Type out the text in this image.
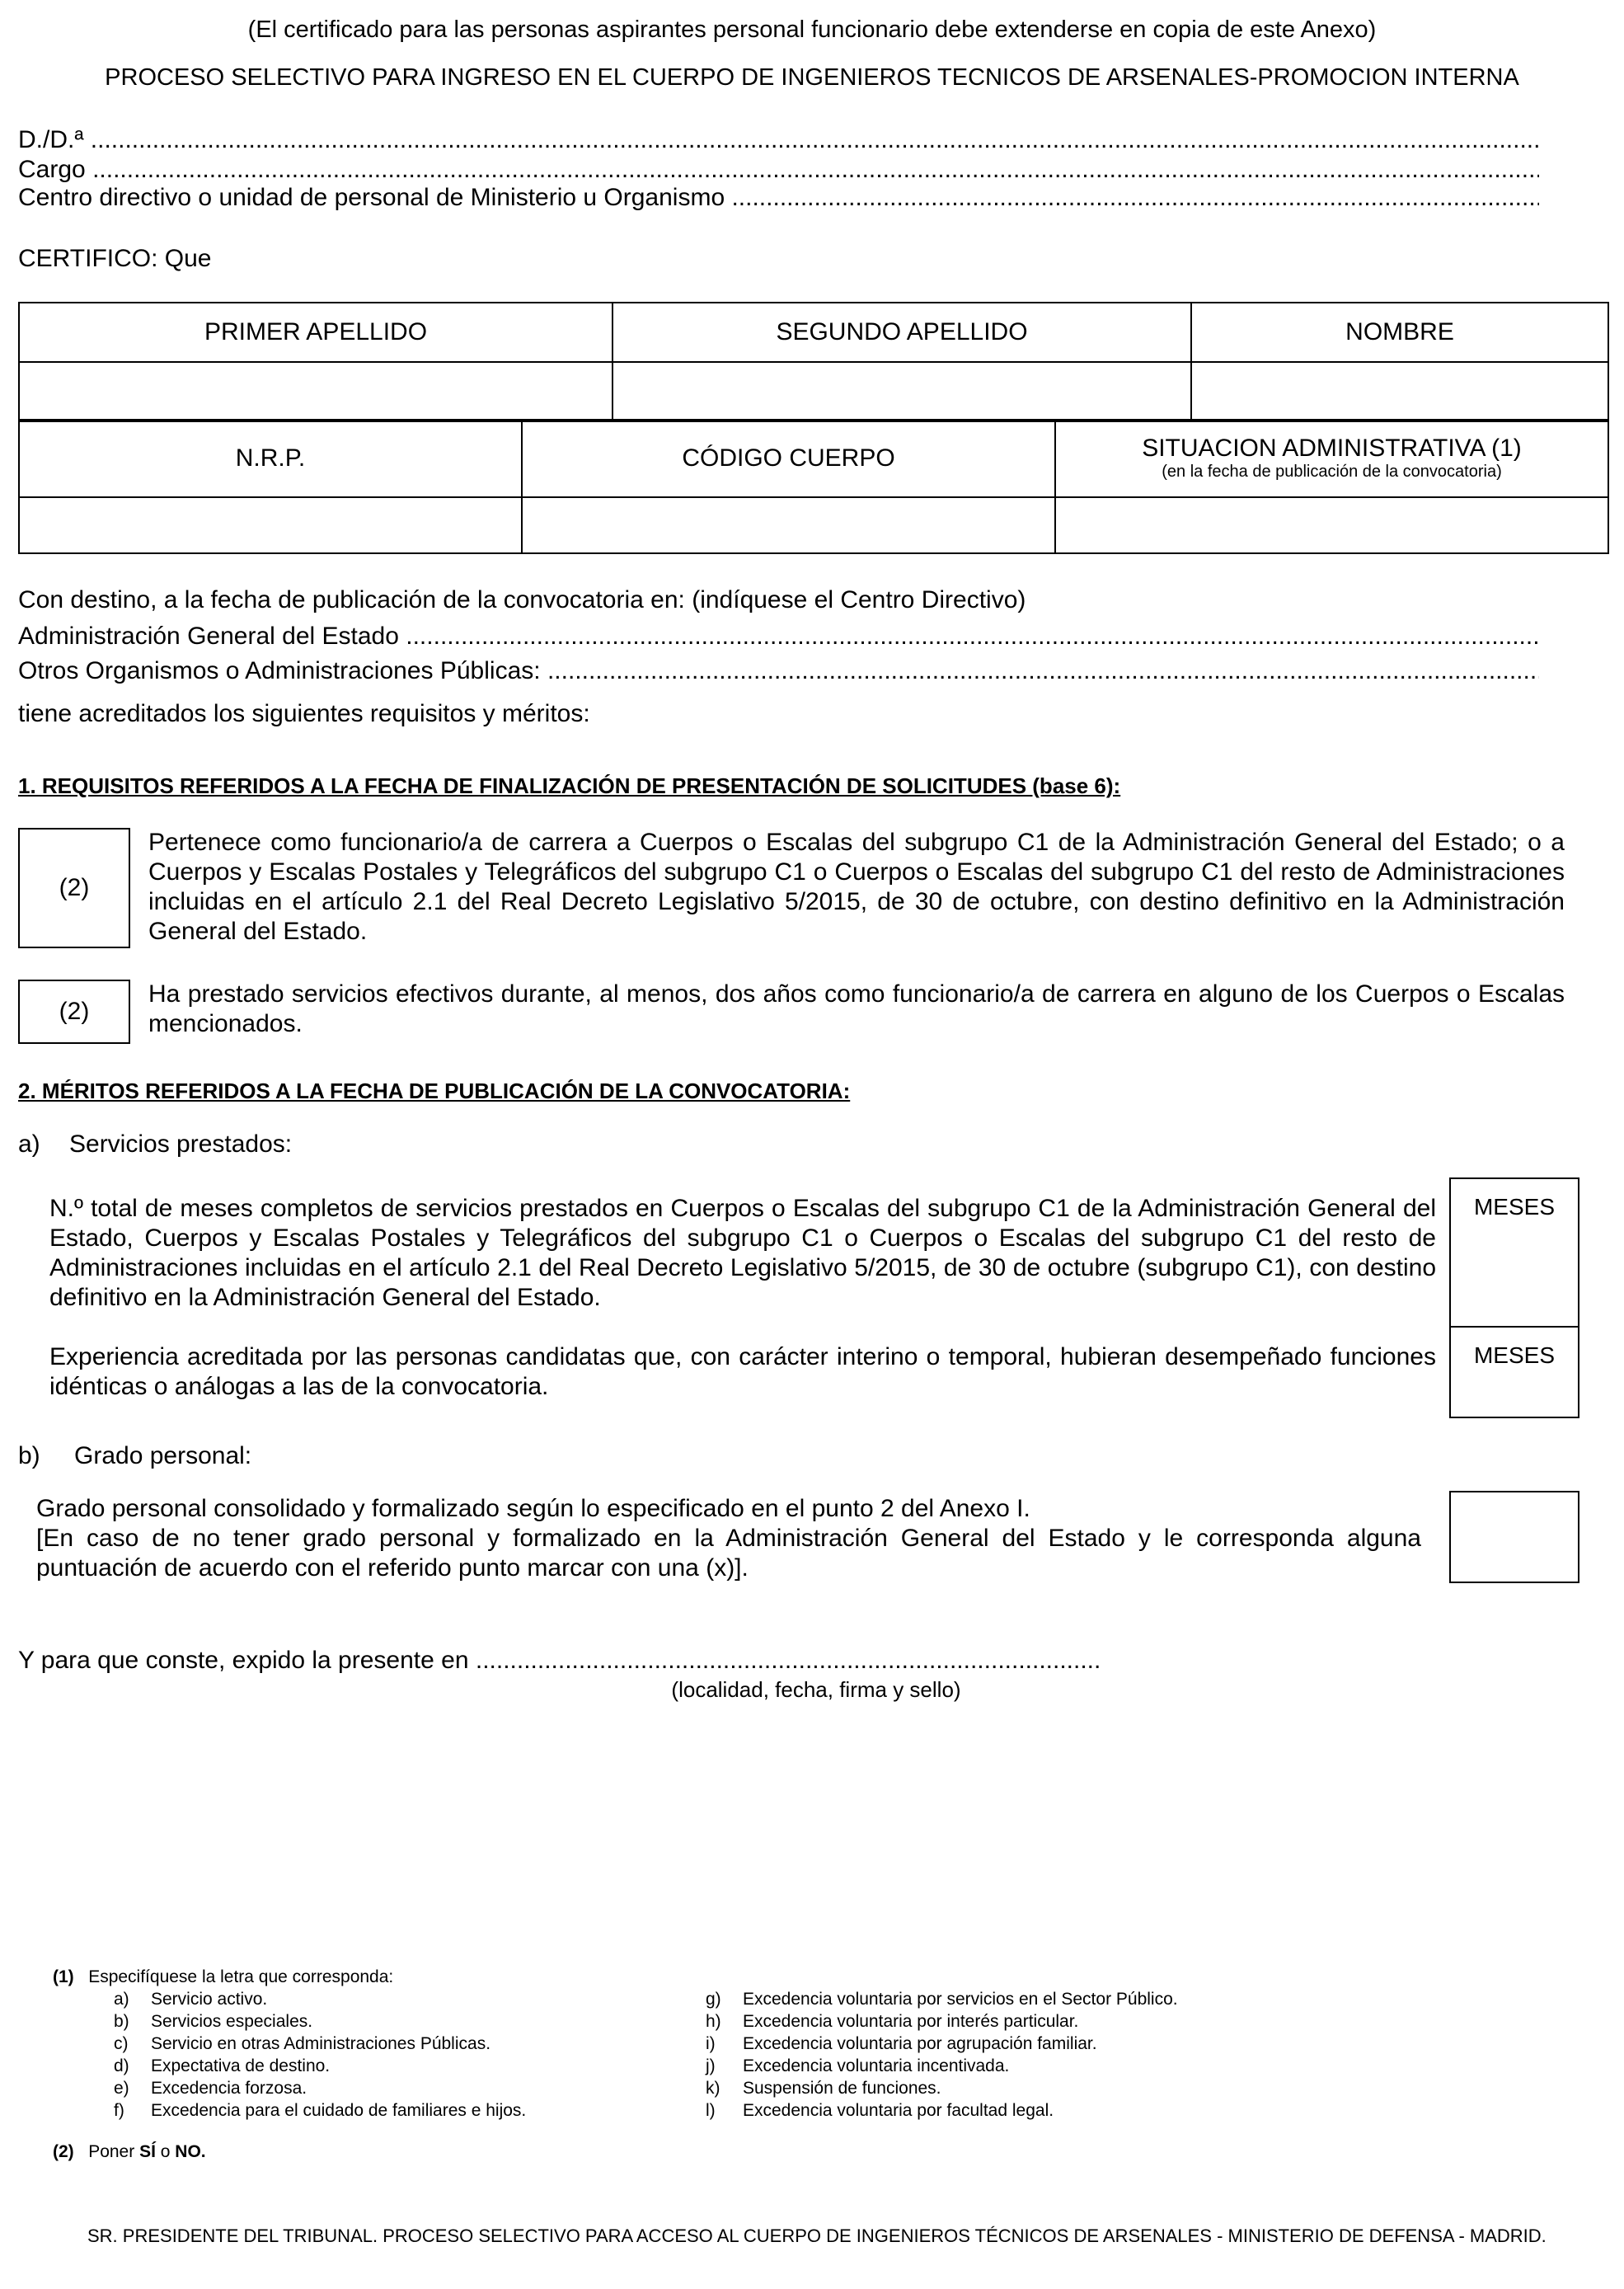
(El certificado para las personas aspirantes personal funcionario debe extenderse en copia de este Anexo)
PROCESO SELECTIVO PARA INGRESO EN EL CUERPO DE INGENIEROS TECNICOS DE ARSENALES-PROMOCION INTERNA
D./D.ª
.....
Cargo
.....
Centro directivo o unidad de personal de Ministerio u Organismo
.....
CERTIFICO: Que
PRIMER APELLIDO	SEGUNDO APELLIDO	NOMBRE

N.R.P.	CÓDIGO CUERPO	SITUACION ADMINISTRATIVA (1)
(en la fecha de publicación de la convocatoria)

Con destino, a la fecha de publicación de la convocatoria en: (indíquese el Centro Directivo)
Administración General del Estado
.....
Otros Organismos o Administraciones Públicas:
.....
tiene acreditados los siguientes requisitos y méritos:
1. REQUISITOS REFERIDOS A LA FECHA DE FINALIZACIÓN DE PRESENTACIÓN DE SOLICITUDES (base 6):
(2)
Pertenece como funcionario/a de carrera a Cuerpos o Escalas del subgrupo C1 de la Administración General del Estado; o a Cuerpos y Escalas Postales y Telegráficos del subgrupo C1 o Cuerpos o Escalas del subgrupo C1 del resto de Administraciones incluidas en el artículo 2.1 del Real Decreto Legislativo 5/2015, de 30 de octubre, con destino definitivo en la Administración General del Estado.
(2)
Ha prestado servicios efectivos durante, al menos, dos años como funcionario/a de carrera en alguno de los Cuerpos o Escalas mencionados.
2. MÉRITOS REFERIDOS A LA FECHA DE PUBLICACIÓN DE LA CONVOCATORIA:
a) Servicios prestados:
N.º total de meses completos de servicios prestados en Cuerpos o Escalas del subgrupo C1 de la Administración General del Estado, Cuerpos y Escalas Postales y Telegráficos del subgrupo C1 o Cuerpos o Escalas del subgrupo C1 del resto de Administraciones incluidas en el artículo 2.1 del Real Decreto Legislativo 5/2015, de 30 de octubre (subgrupo C1), con destino definitivo en la Administración General del Estado.
Experiencia acreditada por las personas candidatas que, con carácter interino o temporal, hubieran desempeñado funciones idénticas o análogas a las de la convocatoria.
MESES
MESES
b) Grado personal:
Grado personal consolidado y formalizado según lo especificado en el punto 2 del Anexo I.
[En caso de no tener grado personal y formalizado en la Administración General del Estado y le corresponda alguna puntuación de acuerdo con el referido punto marcar con una (x)].
Y para que conste, expido la presente en ...........................................................................................
(localidad, fecha, firma y sello)
(1) Especifíquese la letra que corresponda:
a)	Servicio activo.
b)	Servicios especiales.
c)	Servicio en otras Administraciones Públicas.
d)	Expectativa de destino.
e)	Excedencia forzosa.
f)	Excedencia para el cuidado de familiares e hijos.
g)	Excedencia voluntaria por servicios en el Sector Público.
h)	Excedencia voluntaria por interés particular.
i)	Excedencia voluntaria por agrupación familiar.
j)	Excedencia voluntaria incentivada.
k)	Suspensión de funciones.
l)	Excedencia voluntaria por facultad legal.
(2) Poner SÍ o NO.
SR. PRESIDENTE DEL TRIBUNAL. PROCESO SELECTIVO PARA ACCESO AL CUERPO DE INGENIEROS TÉCNICOS DE ARSENALES - MINISTERIO DE DEFENSA - MADRID.
